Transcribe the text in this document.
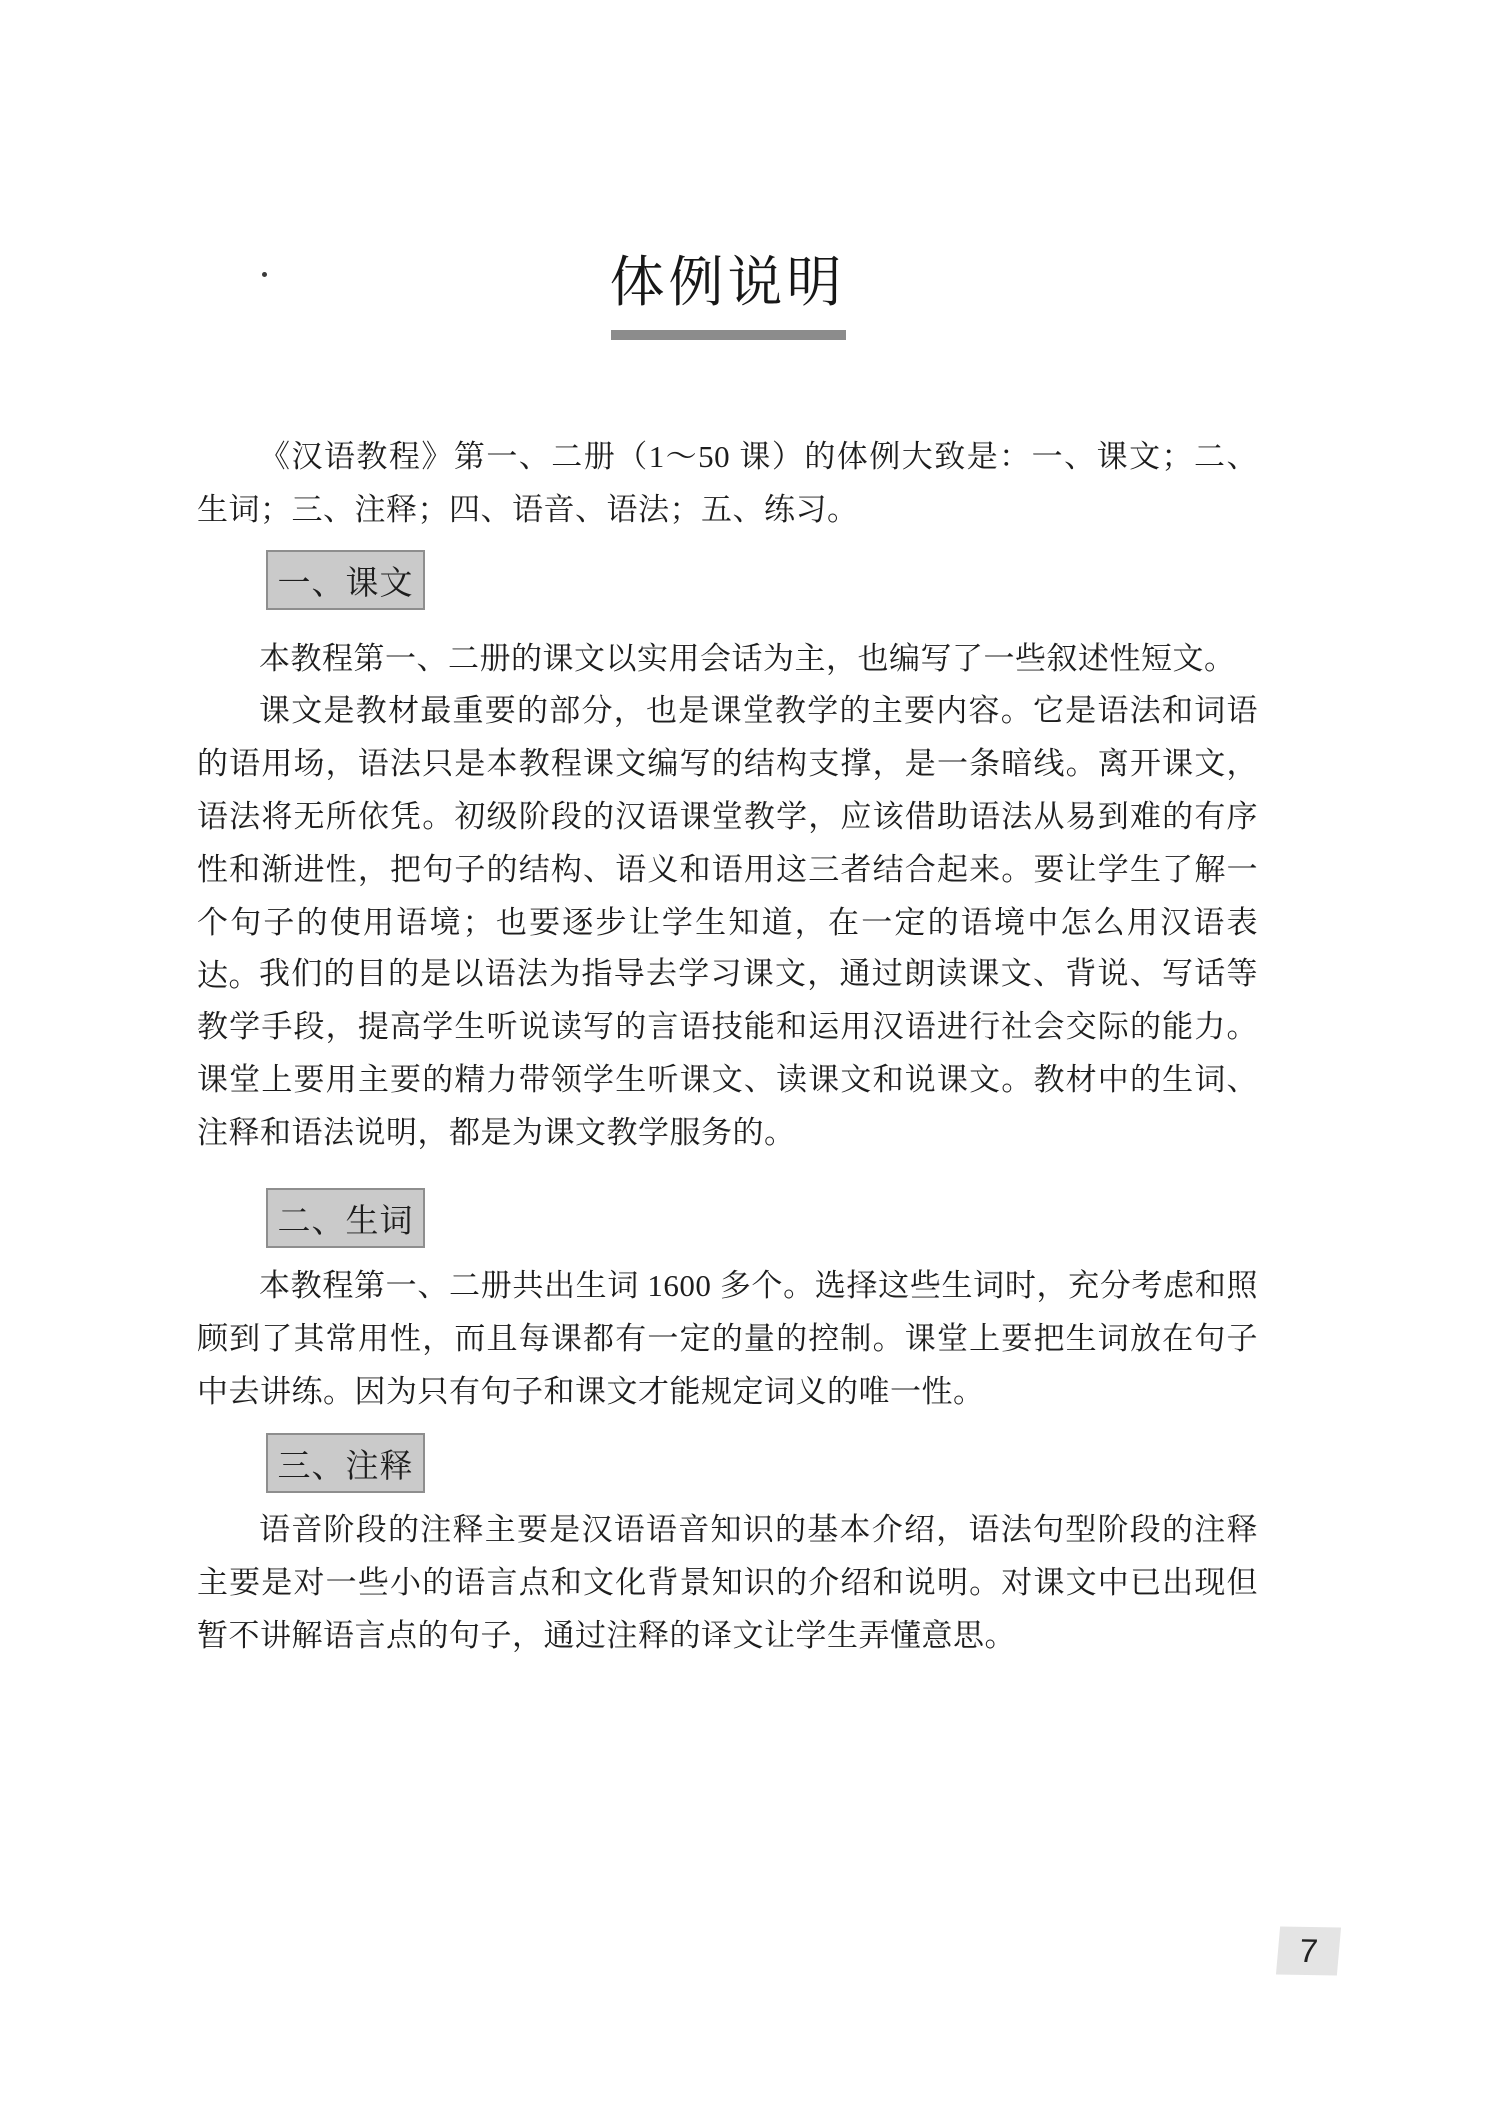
体例说明

《汉语教程》第一、二册（1～50 课）的体例大致是：一、课文；二、生词；三、注释；四、语音、语法；五、练习。

一、课文

本教程第一、二册的课文以实用会话为主，也编写了一些叙述性短文。

课文是教材最重要的部分，也是课堂教学的主要内容。它是语法和词语的语用场，语法只是本教程课文编写的结构支撑，是一条暗线。离开课文，语法将无所依凭。初级阶段的汉语课堂教学，应该借助语法从易到难的有序性和渐进性，把句子的结构、语义和语用这三者结合起来。要让学生了解一个句子的使用语境；也要逐步让学生知道，在一定的语境中怎么用汉语表达。 我们的目的是以语法为指导去学习课文，通过朗读课文、背说、写话等教学手段，提高学生听说读写的言语技能和运用汉语进行社会交际的能力。课堂上要用主要的精力带领学生听课文、读课文和说课文。教材中的生词、注释和语法说明，都是为课文教学服务的。

二、生词

本教程第一、二册共出生词 1600 多个。选择这些生词时，充分考虑和照顾到了其常用性，而且每课都有一定的量的控制。课堂上要把生词放在句子中去讲练。因为只有句子和课文才能规定词义的唯一性。

三、注释

语音阶段的注释主要是汉语语音知识的基本介绍，语法句型阶段的注释主要是对一些小的语言点和文化背景知识的介绍和说明。对课文中已出现但暂不讲解语言点的句子，通过注释的译文让学生弄懂意思。

7
